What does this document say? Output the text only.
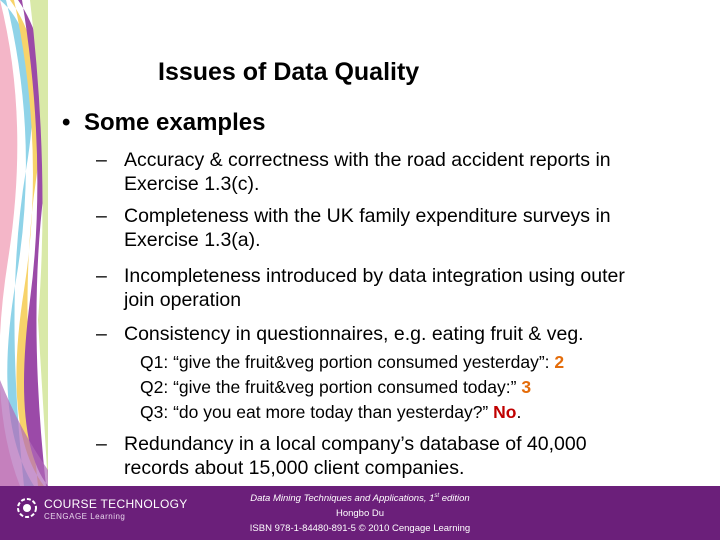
Issues of Data Quality
• Some examples
– Accuracy & correctness with the road accident reports in
Exercise 1.3(c).
– Completeness with the UK family expenditure surveys in
Exercise 1.3(a).
– Incompleteness introduced by data integration using outer
join operation
– Consistency in questionnaires, e.g. eating fruit & veg.
Q1: “give the fruit&veg portion consumed yesterday”: 2
Q2: “give the fruit&veg portion consumed today:” 3
Q3: “do you eat more today than yesterday?” No.
– Redundancy in a local company’s database of 40,000
records about 15,000 client companies.
COURSE TECHNOLOGY
CENGAGE Learning
Data Mining Techniques and Applications, 1st edition
Hongbo Du
ISBN 978-1-84480-891-5 © 2010 Cengage Learning
